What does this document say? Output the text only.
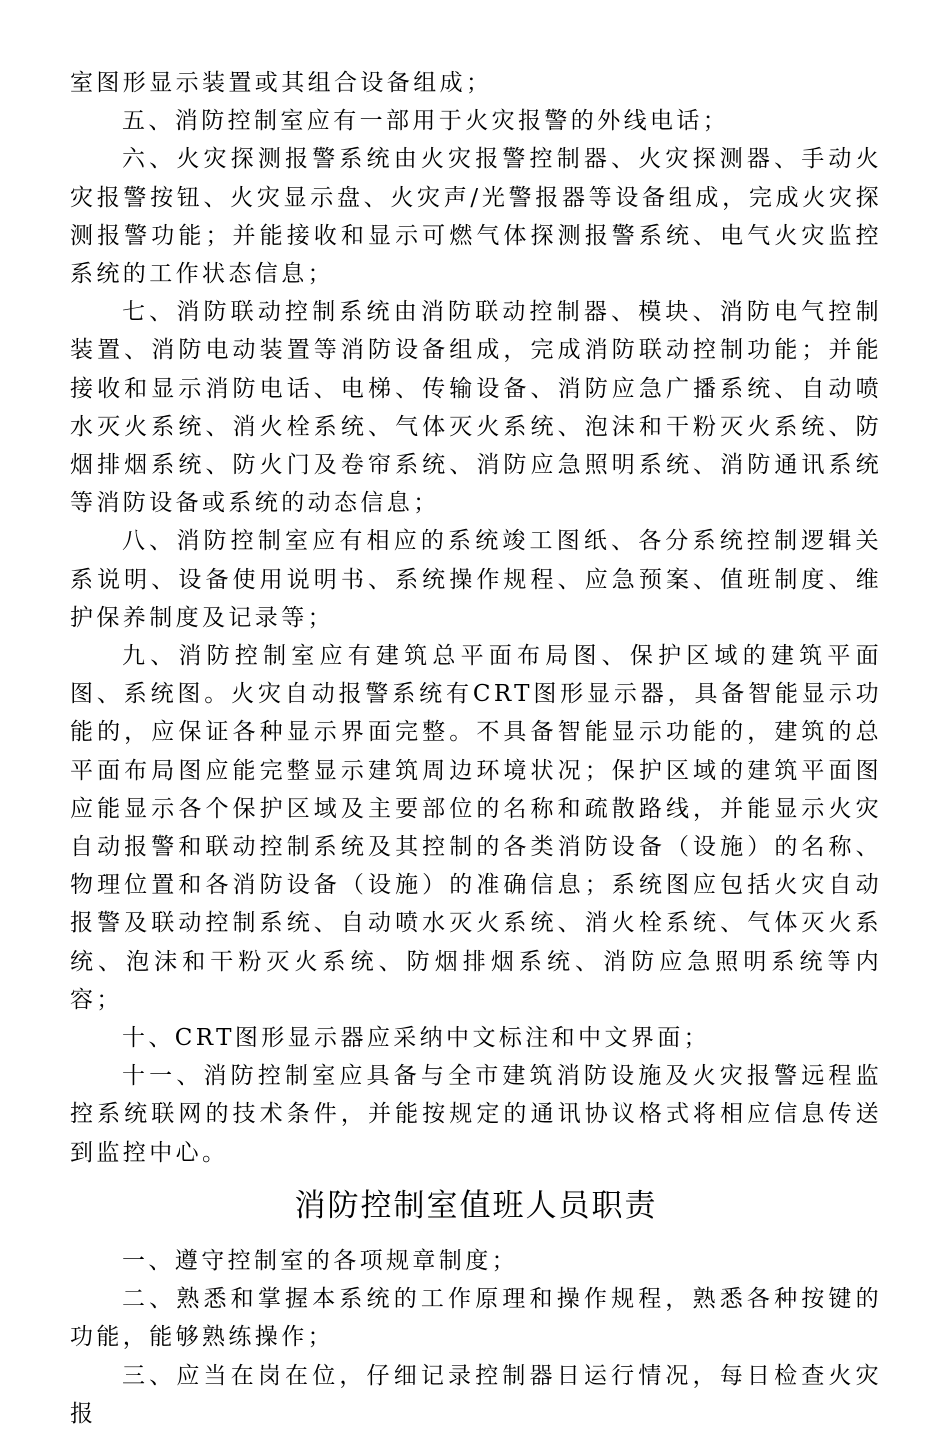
室图形显示装置或其组合设备组成；

五、消防控制室应有一部用于火灾报警的外线电话；

六、火灾探测报警系统由火灾报警控制器、火灾探测器、手动火灾报警按钮、火灾显示盘、火灾声/光警报器等设备组成，完成火灾探测报警功能；并能接收和显示可燃气体探测报警系统、电气火灾监控系统的工作状态信息；

七、消防联动控制系统由消防联动控制器、模块、消防电气控制装置、消防电动装置等消防设备组成，完成消防联动控制功能；并能接收和显示消防电话、电梯、传输设备、消防应急广播系统、自动喷水灭火系统、消火栓系统、气体灭火系统、泡沫和干粉灭火系统、防烟排烟系统、防火门及卷帘系统、消防应急照明系统、消防通讯系统等消防设备或系统的动态信息；

八、消防控制室应有相应的系统竣工图纸、各分系统控制逻辑关系说明、设备使用说明书、系统操作规程、应急预案、值班制度、维护保养制度及记录等；

九、消防控制室应有建筑总平面布局图、保护区域的建筑平面图、系统图。火灾自动报警系统有CRT图形显示器，具备智能显示功能的，应保证各种显示界面完整。不具备智能显示功能的，建筑的总平面布局图应能完整显示建筑周边环境状况；保护区域的建筑平面图应能显示各个保护区域及主要部位的名称和疏散路线，并能显示火灾自动报警和联动控制系统及其控制的各类消防设备（设施）的名称、物理位置和各消防设备（设施）的准确信息；系统图应包括火灾自动报警及联动控制系统、自动喷水灭火系统、消火栓系统、气体灭火系统、泡沫和干粉灭火系统、防烟排烟系统、消防应急照明系统等内容；

十、CRT图形显示器应采纳中文标注和中文界面；

十一、消防控制室应具备与全市建筑消防设施及火灾报警远程监控系统联网的技术条件，并能按规定的通讯协议格式将相应信息传送到监控中心。

消防控制室值班人员职责

一、遵守控制室的各项规章制度；

二、熟悉和掌握本系统的工作原理和操作规程，熟悉各种按键的功能，能够熟练操作；

三、应当在岗在位，仔细记录控制器日运行情况，每日检查火灾报
